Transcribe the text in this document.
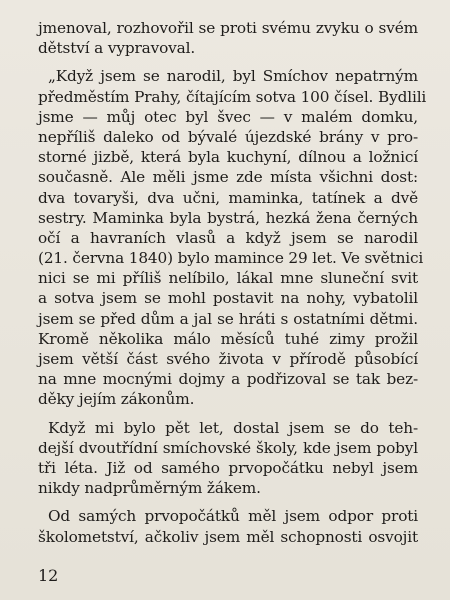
jmenoval, rozhovořil se proti svému zvyku o svém
dětství a vypravoval.
„Když jsem se narodil, byl Smíchov nepatrným
předměstím Prahy, čítajícím sotva 100 čísel. Bydlili
jsme — můj otec byl švec — v malém domku,
nepříliš daleko od bývalé újezdské brány v pro-
storné jizbě, která byla kuchyní, dílnou a ložnicí
současně. Ale měli jsme zde místa všichni dost:
dva tovaryši, dva učni, maminka, tatínek a dvě
sestry. Maminka byla bystrá, hezká žena černých
očí a havraních vlasů a když jsem se narodil
(21. června 1840) bylo mamince 29 let. Ve světnici
nici se mi příliš nelíbilo, lákal mne sluneční svit
a sotva jsem se mohl postavit na nohy, vybatolil
jsem se před dům a jal se hráti s ostatními dětmi.
Kromě několika málo měsíců tuhé zimy prožil
jsem větší část svého života v přírodě působící
na mne mocnými dojmy a podřizoval se tak bez-
děky jejím zákonům.
Když mi bylo pět let, dostal jsem se do teh-
dejší dvoutřídní smíchovské školy, kde jsem pobyl
tři léta. Již od samého prvopočátku nebyl jsem
nikdy nadprůměrným žákem.
Od samých prvopočátků měl jsem odpor proti
školometství, ačkoliv jsem měl schopnosti osvojit
12
